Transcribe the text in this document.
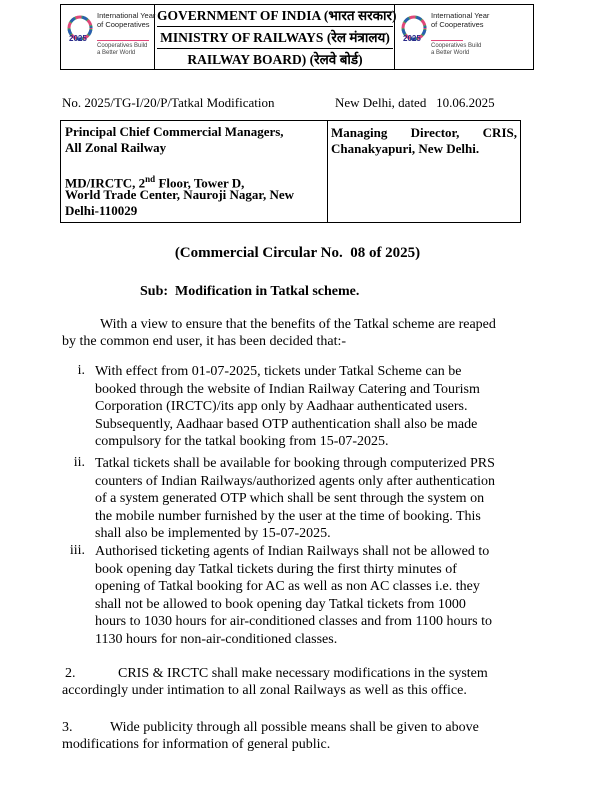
2025
International Year
of Cooperatives
Cooperatives Build
a Better World
GOVERNMENT OF INDIA (भारत सरकार)
MINISTRY OF RAILWAYS (रेल मंत्रालय)
RAILWAY BOARD) (रेलवे बोर्ड)
2025
International Year
of Cooperatives
Cooperatives Build
a Better World
No. 2025/TG-I/20/P/Tatkal Modification	New Delhi, dated   10.06.2025
Principal Chief Commercial Managers,
All Zonal Railway
MD/IRCTC, 2nd Floor, Tower D,
World Trade Center, Nauroji Nagar, New
Delhi-110029
Managing Director, CRIS,
Chanakyapuri, New Delhi.
(Commercial Circular No.  08 of 2025)
Sub:  Modification in Tatkal scheme.
With a view to ensure that the benefits of the Tatkal scheme are reaped
by the common end user, it has been decided that:-
i. With effect from 01-07-2025, tickets under Tatkal Scheme can be
booked through the website of Indian Railway Catering and Tourism
Corporation (IRCTC)/its app only by Aadhaar authenticated users.
Subsequently, Aadhaar based OTP authentication shall also be made
compulsory for the tatkal booking from 15-07-2025.
ii. Tatkal tickets shall be available for booking through computerized PRS
counters of Indian Railways/authorized agents only after authentication
of a system generated OTP which shall be sent through the system on
the mobile number furnished by the user at the time of booking. This
shall also be implemented by 15-07-2025.
iii. Authorised ticketing agents of Indian Railways shall not be allowed to
book opening day Tatkal tickets during the first thirty minutes of
opening of Tatkal booking for AC as well as non AC classes i.e. they
shall not be allowed to book opening day Tatkal tickets from 1000
hours to 1030 hours for air-conditioned classes and from 1100 hours to
1130 hours for non-air-conditioned classes.
2.	CRIS & IRCTC shall make necessary modifications in the system
accordingly under intimation to all zonal Railways as well as this office.
3.	Wide publicity through all possible means shall be given to above
modifications for information of general public.
